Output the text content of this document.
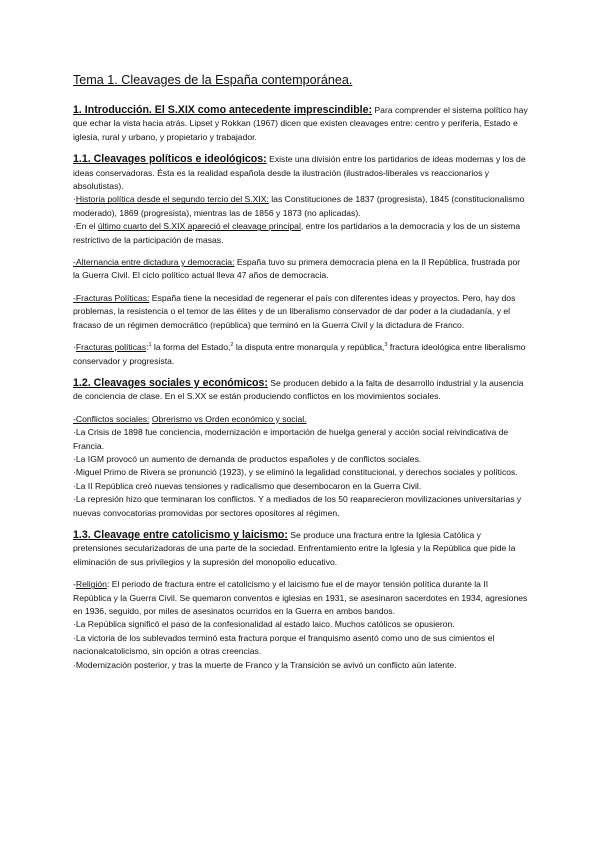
Tema 1. Cleavages de la España contemporánea.

1. Introducción. El S.XIX como antecedente imprescindible: Para comprender el sistema político hay que echar la vista hacia atrás. Lipset y Rokkan (1967) dicen que existen cleavages entre: centro y periferia, Estado e iglesia, rural y urbano, y propietario y trabajador.

1.1. Cleavages políticos e ideológicos: Existe una división entre los partidarios de ideas modernas y los de ideas conservadoras. Ésta es la realidad española desde la ilustración (ilustrados-liberales vs reaccionarios y absolutistas).

·Historia política desde el segundo tercio del S.XIX: las Constituciones de 1837 (progresista), 1845 (constitucionalismo moderado), 1869 (progresista), mientras las de 1856 y 1873 (no aplicadas).

·En el último cuarto del S.XIX apareció el cleavage principal, entre los partidarios a la democracia y los de un sistema restrictivo de la participación de masas.

-Alternancia entre dictadura y democracia: España tuvo su primera democracia plena en la II República, frustrada por la Guerra Civil. El ciclo político actual lleva 47 años de democracia.

-Fracturas Políticas: España tiene la necesidad de regenerar el país con diferentes ideas y proyectos. Pero, hay dos problemas, la resistencia o el temor de las élites y de un liberalismo conservador de dar poder a la ciudadanía, y el fracaso de un régimen democrático (república) que terminó en la Guerra Civil y la dictadura de Franco.

·Fracturas políticas:$^1$ la forma del Estado,$^2$ la disputa entre monarquía y república,$^3$ fractura ideológica entre liberalismo conservador y progresista.

1.2. Cleavages sociales y económicos: Se producen debido a la falta de desarrollo industrial y la ausencia de conciencia de clase. En el S.XX se están produciendo conflictos en los movimientos sociales.

-Conflictos sociales: Obrerismo vs Orden económico y social.

·La Crisis de 1898 fue conciencia, modernización e importación de huelga general y acción social reivindicativa de Francia.

·La IGM provocó un aumento de demanda de productos españoles y de conflictos sociales.

·Miguel Primo de Rivera se pronunció (1923), y se eliminó la legalidad constitucional, y derechos sociales y políticos.

·La II República creó nuevas tensiones y radicalismo que desembocaron en la Guerra Civil.

·La represión hizo que terminaran los conflictos. Y a mediados de los 50 reaparecieron movilizaciones universitarias y nuevas convocatorias promovidas por sectores opositores al régimen.

1.3. Cleavage entre catolicismo y laicismo: Se produce una fractura entre la Iglesia Católica y pretensiones secularizadoras de una parte de la sociedad. Enfrentamiento entre la Iglesia y la República que pide la eliminación de sus privilegios y la supresión del monopolio educativo.

-Religión: El periodo de fractura entre el catolicismo y el laicismo fue el de mayor tensión política durante la II República y la Guerra Civil. Se quemaron conventos e iglesias en 1931, se asesinaron sacerdotes en 1934, agresiones en 1936, seguido, por miles de asesinatos ocurridos en la Guerra en ambos bandos.

·La República significó el paso de la confesionalidad al estado laico. Muchos católicos se opusieron.

·La victoria de los sublevados terminó esta fractura porque el franquismo asentó como uno de sus cimientos el nacionalcatolicismo, sin opción a otras creencias.

·Modernización posterior, y tras la muerte de Franco y la Transición se avivó un conflicto aún latente.
